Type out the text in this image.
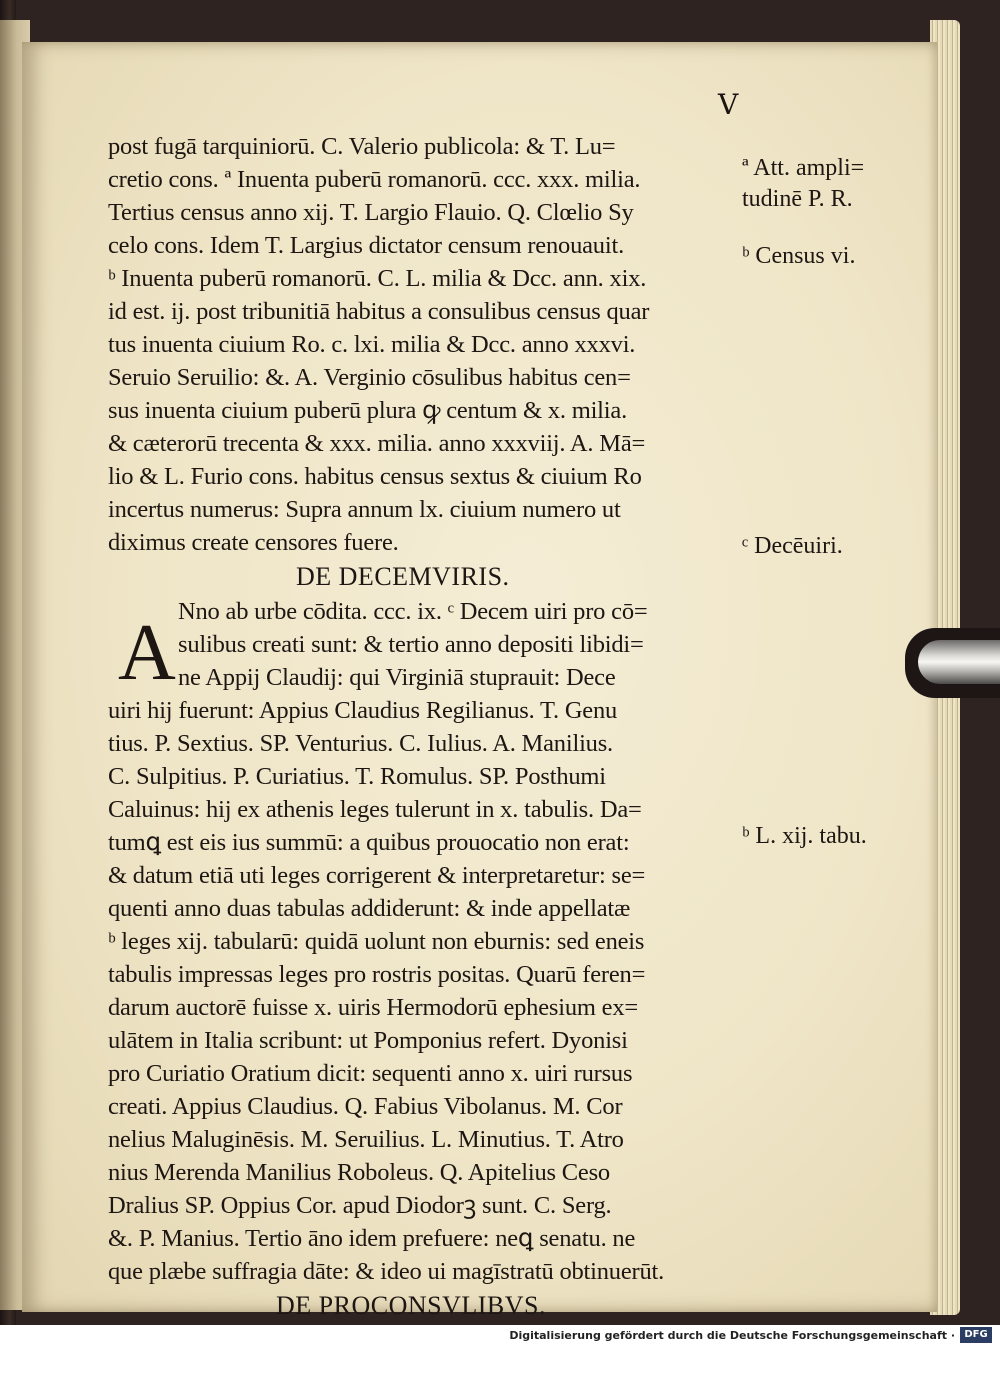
V
post fugā tarquiniorū. C. Valerio publicola: & T. Lu=
cretio cons. ª Inuenta puberū romanorū. ccc. xxx. milia.
Tertius census anno xij. T. Largio Flauio. Q. Clœlio Sy
celo cons. Idem T. Largius dictator censum renouauit.
ᵇ Inuenta puberū romanorū. C. L. milia & Dcc. ann. xix.
id est. ij. post tribunitiā habitus a consulibus census quar
tus inuenta ciuium Ro. c. lxi. milia & Dcc. anno xxxvi.
Seruio Seruilio: &. A. Verginio cōsulibus habitus cen=
sus inuenta ciuium puberū plura ꝙ centum & x. milia.
& cæterorū trecenta & xxx. milia. anno xxxviij. A. Mā=
lio & L. Furio cons. habitus census sextus & ciuium Ro
incertus numerus: Supra annum lx. ciuium numero ut
diximus create censores fuere.
DE DECEMVIRIS.
A Nno ab urbe cōdita. ccc. ix. ᶜ Decem uiri pro cō=
sulibus creati sunt: & tertio anno depositi libidi=
ne Appij Claudij: qui Virginiā stuprauit: Dece
uiri hij fuerunt: Appius Claudius Regilianus. T. Genu
tius. P. Sextius. SP. Venturius. C. Iulius. A. Manilius.
C. Sulpitius. P. Curiatius. T. Romulus. SP. Posthumi
Caluinus: hij ex athenis leges tulerunt in x. tabulis. Da=
tumꝗ est eis ius summū: a quibus prouocatio non erat:
& datum etiā uti leges corrigerent & interpretaretur: se=
quenti anno duas tabulas addiderunt: & inde appellatæ
ᵇ leges xij. tabularū: quidā uolunt non eburnis: sed eneis
tabulis impressas leges pro rostris positas. Quarū feren=
darum auctorē fuisse x. uiris Hermodorū ephesium ex=
ulātem in Italia scribunt: ut Pomponius refert. Dyonisi
pro Curiatio Oratium dicit: sequenti anno x. uiri rursus
creati. Appius Claudius. Q. Fabius Vibolanus. M. Cor
nelius Maluginēsis. M. Seruilius. L. Minutius. T. Atro
nius Merenda Manilius Roboleus. Q. Apitelius Ceso
Dralius SP. Oppius Cor. apud Diodorꝫ sunt. C. Serg.
&. P. Manius. Tertio āno idem prefuere: neꝗ senatu. ne
que plæbe suffragia dāte: & ideo ui magīstratū obtinuerūt.
DE PROCONSVLIBVS.
ª Att. ampli=
tudinē P. R.
ᵇ Census vi.
ᶜ Decēuiri.
ᵇ L. xij. tabu.
Digitalisierung gefördert durch die Deutsche Forschungsgemeinschaft · DFG
